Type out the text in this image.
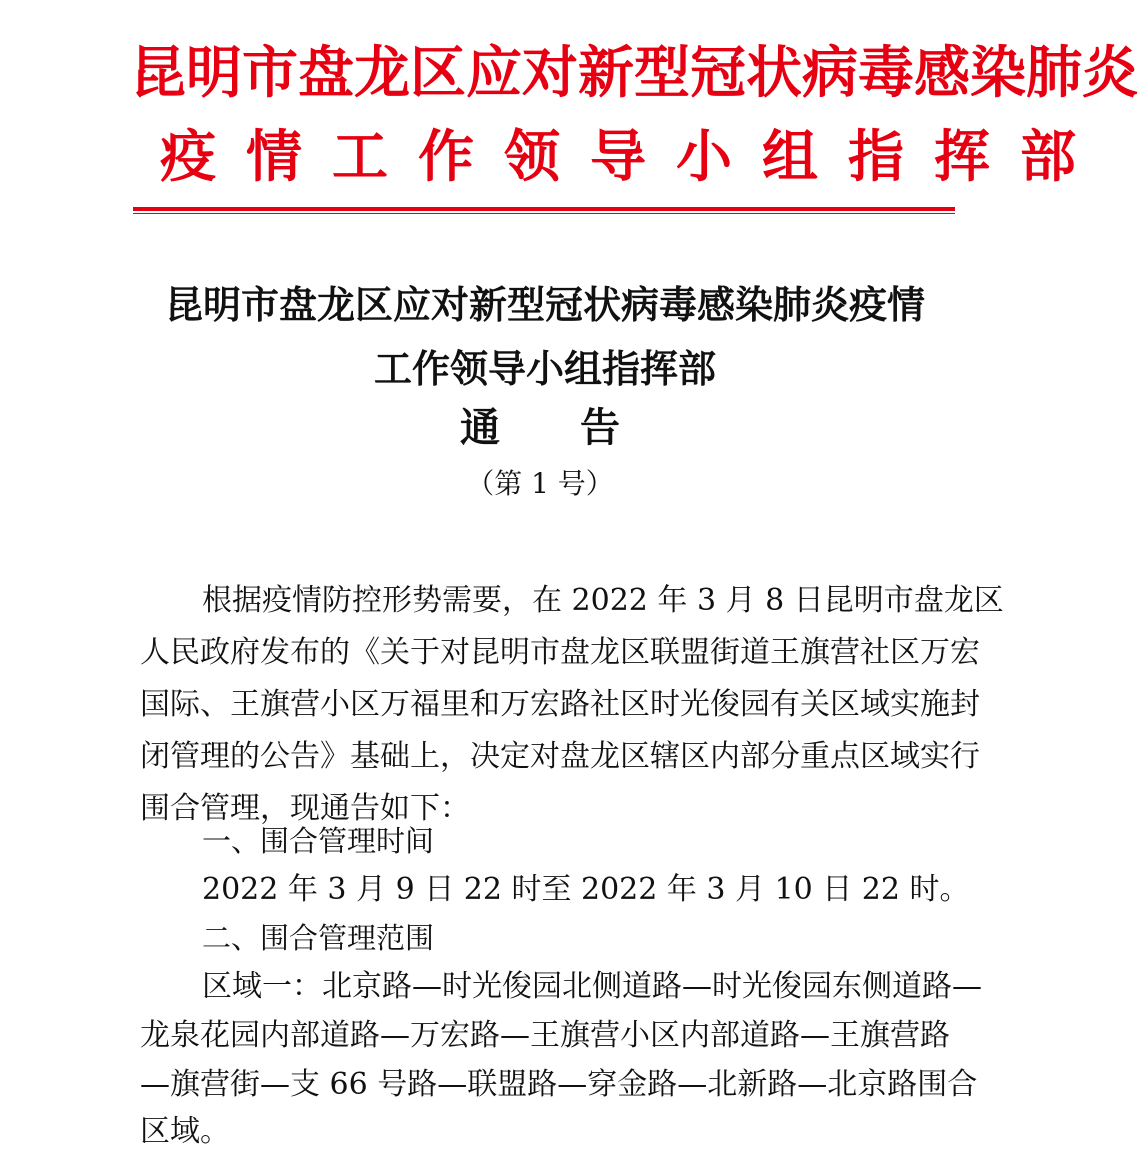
昆明市盘龙区应对新型冠状病毒感染肺炎
疫情工作领导小组指挥部
昆明市盘龙区应对新型冠状病毒感染肺炎疫情
工作领导小组指挥部
通告
（第 1 号）
根据疫情防控形势需要，在 2022 年 3 月 8 日昆明市盘龙区
人民政府发布的《关于对昆明市盘龙区联盟街道王旗营社区万宏
国际、王旗营小区万福里和万宏路社区时光俊园有关区域实施封
闭管理的公告》基础上，决定对盘龙区辖区内部分重点区域实行
围合管理，现通告如下：
一、围合管理时间
2022 年 3 月 9 日 22 时至 2022 年 3 月 10 日 22 时。
二、围合管理范围
区域一：北京路—时光俊园北侧道路—时光俊园东侧道路—
龙泉花园内部道路—万宏路—王旗营小区内部道路—王旗营路
—旗营街—支 66 号路—联盟路—穿金路—北新路—北京路围合
区域。
